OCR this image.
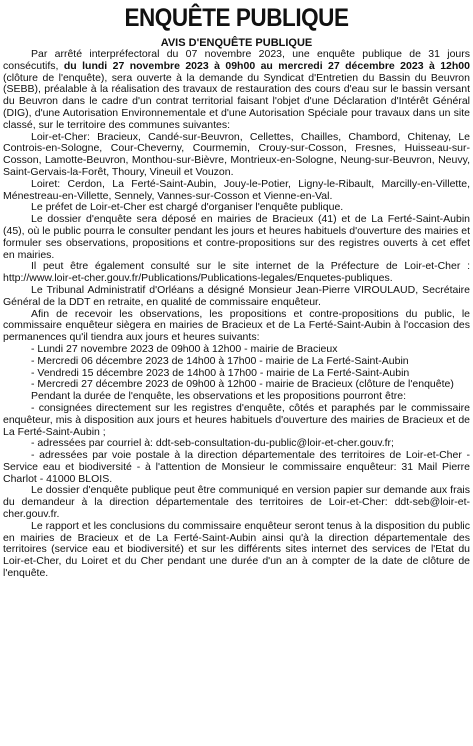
ENQUÊTE PUBLIQUE
AVIS D'ENQUÊTE PUBLIQUE

Par arrêté interpréfectoral du 07 novembre 2023, une enquête publique de 31 jours consécutifs, du lundi 27 novembre 2023 à 09h00 au mercredi 27 décembre 2023 à 12h00 (clôture de l'enquête), sera ouverte à la demande du Syndicat d'Entretien du Bassin du Beuvron (SEBB), préalable à la réalisation des travaux de restauration des cours d'eau sur le bassin versant du Beuvron dans le cadre d'un contrat territorial faisant l'objet d'une Déclaration d'Intérêt Général (DIG), d'une Autorisation Environnementale et d'une Autorisation Spéciale pour travaux dans un site classé, sur le territoire des communes suivantes:

Loir-et-Cher: Bracieux, Candé-sur-Beuvron, Cellettes, Chailles, Chambord, Chitenay, Le Controis-en-Sologne, Cour-Cheverny, Courmemin, Crouy-sur-Cosson, Fresnes, Huisseau-sur-Cosson, Lamotte-Beuvron, Monthou-sur-Bièvre, Montrieux-en-Sologne, Neung-sur-Beuvron, Neuvy, Saint-Gervais-la-Forêt, Thoury, Vineuil et Vouzon.

Loiret: Cerdon, La Ferté-Saint-Aubin, Jouy-le-Potier, Ligny-le-Ribault, Marcilly-en-Villette, Ménestreau-en-Villette, Sennely, Vannes-sur-Cosson et Vienne-en-Val.

Le préfet de Loir-et-Cher est chargé d'organiser l'enquête publique.

Le dossier d'enquête sera déposé en mairies de Bracieux (41) et de La Ferté-Saint-Aubin (45), où le public pourra le consulter pendant les jours et heures habituels d'ouverture des mairies et formuler ses observations, propositions et contre-propositions sur des registres ouverts à cet effet en mairies.

Il peut être également consulté sur le site internet de la Préfecture de Loir-et-Cher : http://www.loir-et-cher.gouv.fr/Publications/Publications-legales/Enquetes-publiques.

Le Tribunal Administratif d'Orléans a désigné Monsieur Jean-Pierre VIROULAUD, Secrétaire Général de la DDT en retraite, en qualité de commissaire enquêteur.

Afin de recevoir les observations, les propositions et contre-propositions du public, le commissaire enquêteur siègera en mairies de Bracieux et de La Ferté-Saint-Aubin à l'occasion des permanences qu'il tiendra aux jours et heures suivants:

- Lundi 27 novembre 2023 de 09h00 à 12h00 - mairie de Bracieux

- Mercredi 06 décembre 2023 de 14h00 à 17h00 - mairie de La Ferté-Saint-Aubin

- Vendredi 15 décembre 2023 de 14h00 à 17h00 - mairie de La Ferté-Saint-Aubin

- Mercredi 27 décembre 2023 de 09h00 à 12h00 - mairie de Bracieux (clôture de l'enquête)

Pendant la durée de l'enquête, les observations et les propositions pourront être:

- consignées directement sur les registres d'enquête, côtés et paraphés par le commissaire enquêteur, mis à disposition aux jours et heures habituels d'ouverture des mairies de Bracieux et de La Ferté-Saint-Aubin ;

- adressées par courriel à: ddt-seb-consultation-du-public@loir-et-cher.gouv.fr;

- adressées par voie postale à la direction départementale des territoires de Loir-et-Cher - Service eau et biodiversité - à l'attention de Monsieur le commissaire enquêteur: 31 Mail Pierre Charlot - 41000 BLOIS.

Le dossier d'enquête publique peut être communiqué en version papier sur demande aux frais du demandeur à la direction départementale des territoires de Loir-et-Cher: ddt-seb@loir-et-cher.gouv.fr.

Le rapport et les conclusions du commissaire enquêteur seront tenus à la disposition du public en mairies de Bracieux et de La Ferté-Saint-Aubin ainsi qu'à la direction départementale des territoires (service eau et biodiversité) et sur les différents sites internet des services de l'Etat du Loir-et-Cher, du Loiret et du Cher pendant une durée d'un an à compter de la date de clôture de l'enquête.
